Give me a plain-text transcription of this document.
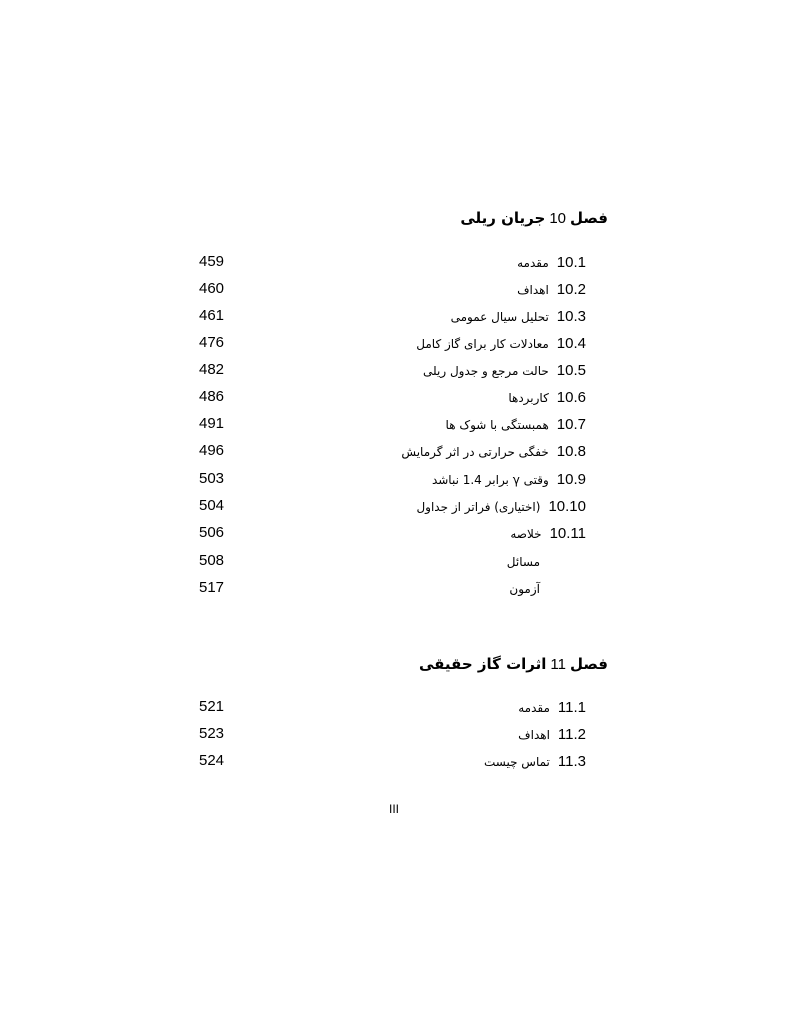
فصل10جریان ریلی
459	10.1مقدمه
460	10.2اهداف
461	10.3تحلیل سیال عمومی
476	10.4معادلات کار برای گاز کامل
482	10.5حالت مرجع و جدول ریلی
486	10.6کاربردها
491	10.7همبستگی با شوک ها
496	10.8خفگی حرارتی در اثر گرمایش
503	10.9وقتی γ برابر 1.4 نباشد
504	10.10(اختیاری) فراتر از جداول
506	10.11خلاصه
508	مسائل
517	آزمون
فصل11اثرات گاز حقیقی
521	11.1مقدمه
523	11.2اهداف
524	11.3تماس چیست
III
